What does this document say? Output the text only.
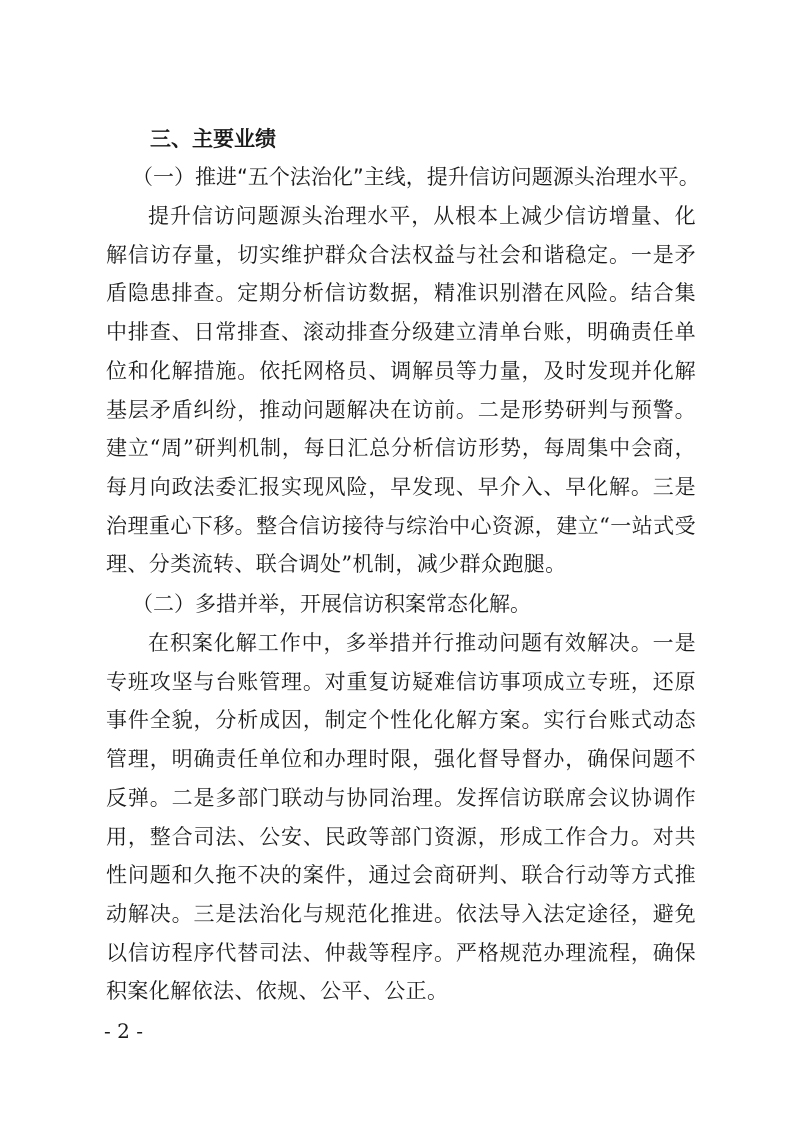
三、主要业绩

（一）推进“五个法治化”主线，提升信访问题源头治理水平。

提升信访问题源头治理水平，从根本上减少信访增量、化解信访存量，切实维护群众合法权益与社会和谐稳定。一是矛盾隐患排查。定期分析信访数据，精准识别潜在风险。结合集中排查、日常排查、滚动排查分级建立清单台账，明确责任单位和化解措施。依托网格员、调解员等力量，及时发现并化解基层矛盾纠纷，推动问题解决在访前。二是形势研判与预警。建立“周”研判机制，每日汇总分析信访形势，每周集中会商，每月向政法委汇报实现风险，早发现、早介入、早化解。三是治理重心下移。整合信访接待与综治中心资源，建立“一站式受理、分类流转、联合调处”机制，减少群众跑腿。

（二）多措并举，开展信访积案常态化解。

在积案化解工作中，多举措并行推动问题有效解决。一是专班攻坚与台账管理。对重复访疑难信访事项成立专班，还原事件全貌，分析成因，制定个性化化解方案。实行台账式动态管理，明确责任单位和办理时限，强化督导督办，确保问题不反弹。二是多部门联动与协同治理。发挥信访联席会议协调作用，整合司法、公安、民政等部门资源，形成工作合力。对共性问题和久拖不决的案件，通过会商研判、联合行动等方式推动解决。三是法治化与规范化推进。依法导入法定途径，避免以信访程序代替司法、仲裁等程序。严格规范办理流程，确保积案化解依法、依规、公平、公正。

- 2 -
